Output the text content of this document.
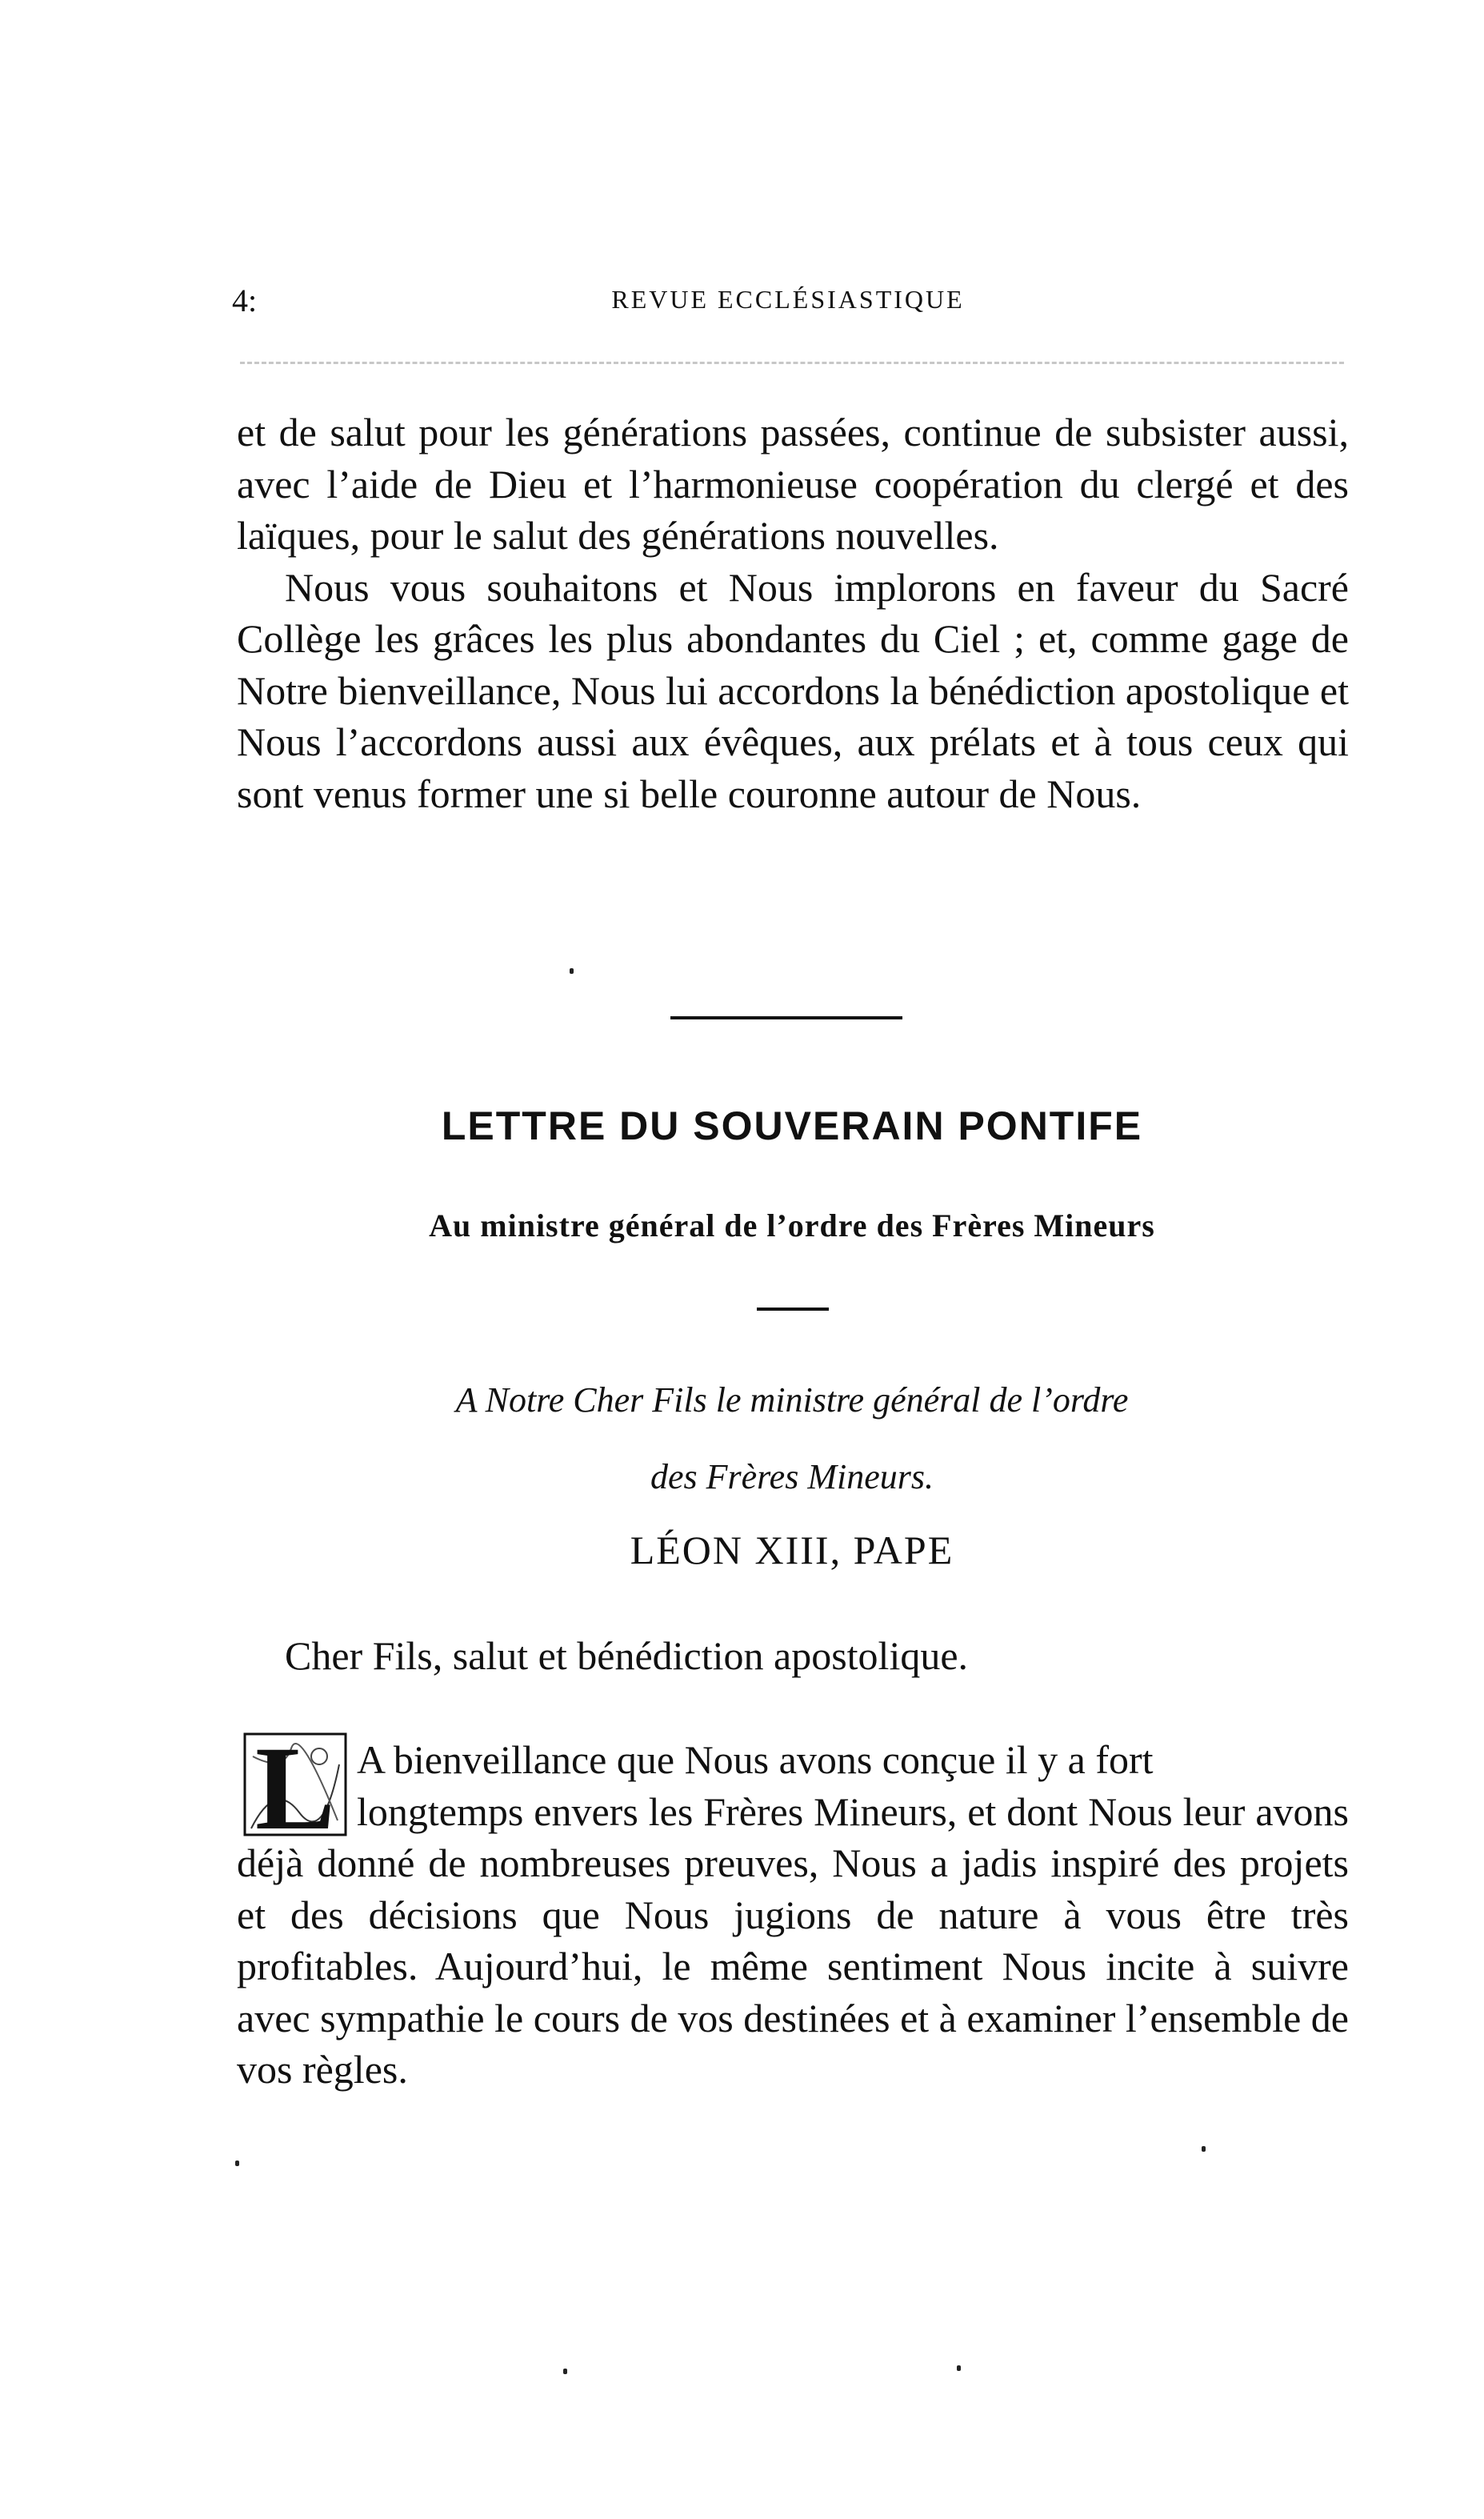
4:	REVUE ECCLÉSIASTIQUE

et de salut pour les générations passées, continue de subsister aussi, avec l’aide de Dieu et l’harmonieuse coopération du clergé et des laïques, pour le salut des générations nouvelles.

Nous vous souhaitons et Nous implorons en faveur du Sacré Collège les grâces les plus abondantes du Ciel ; et, comme gage de Notre bienveillance, Nous lui accordons la bénédiction apostolique et Nous l’accordons aussi aux évêques, aux prélats et à tous ceux qui sont venus former une si belle couronne autour de Nous.

LETTRE DU SOUVERAIN PONTIFE
Au ministre général de l’ordre des Frères Mineurs
A Notre Cher Fils le ministre général de l’ordre
des Frères Mineurs.
LÉON XIII, PAPE
Cher Fils, salut et bénédiction apostolique.
L A bienveillance que Nous avons conçue il y a fort
longtemps envers les Frères Mineurs, et dont Nous leur avons déjà donné de nombreuses preuves, Nous a jadis inspiré des projets et des décisions que Nous jugions de nature à vous être très profitables. Aujourd’hui, le même sentiment Nous incite à suivre avec sympathie le cours de vos destinées et à examiner l’ensemble de vos règles.
